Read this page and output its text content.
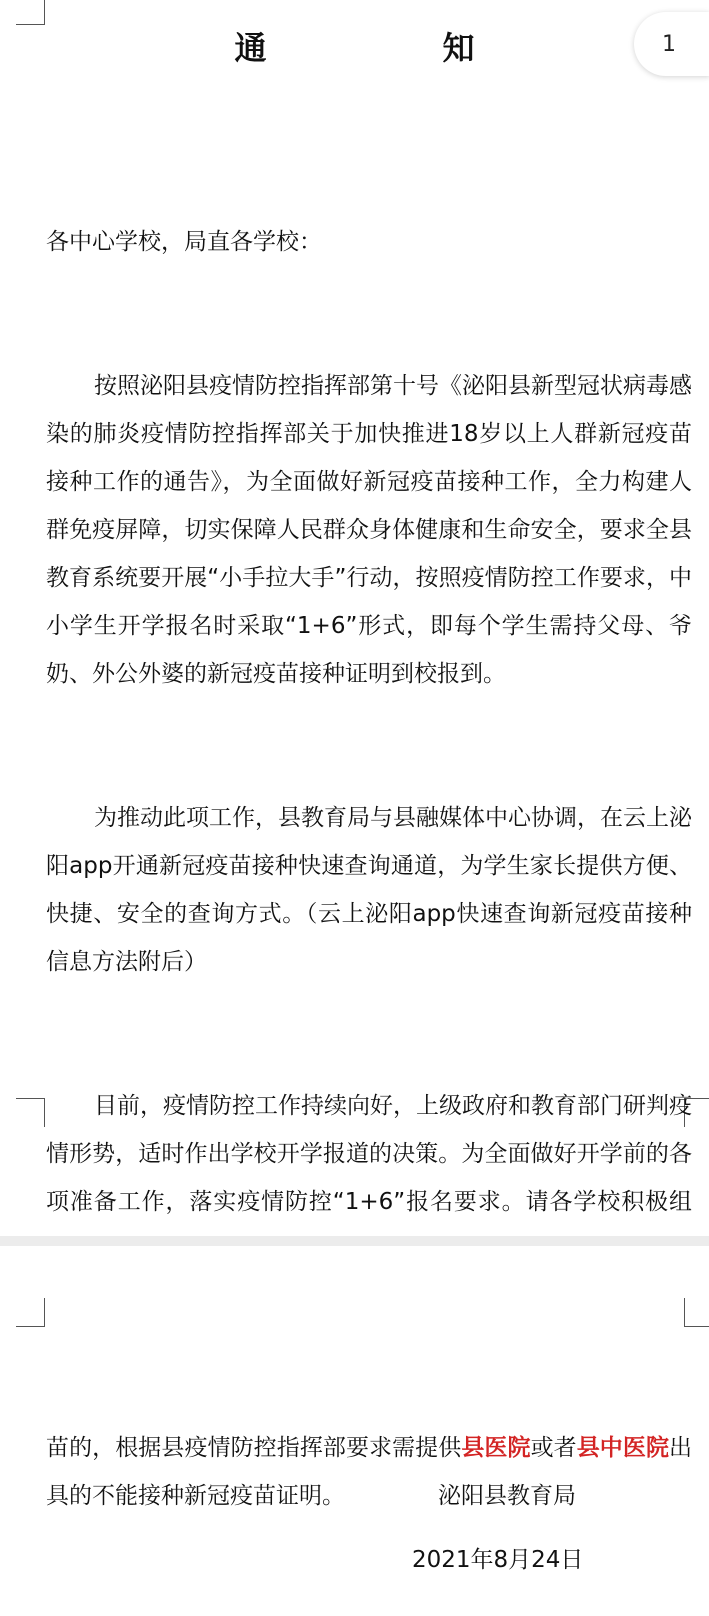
1
通　知

各中心学校，局直各学校：

按照泌阳县疫情防控指挥部第十号《泌阳县新型冠状病毒感染的肺炎疫情防控指挥部关于加快推进18岁以上人群新冠疫苗接种工作的通告》，为全面做好新冠疫苗接种工作，全力构建人群免疫屏障，切实保障人民群众身体健康和生命安全，要求全县教育系统要开展“小手拉大手”行动，按照疫情防控工作要求，中小学生开学报名时采取“1+6”形式，即每个学生需持父母、爷奶、外公外婆的新冠疫苗接种证明到校报到。

为推动此项工作，县教育局与县融媒体中心协调，在云上泌阳app开通新冠疫苗接种快速查询通道，为学生家长提供方便、快捷、安全的查询方式。（云上泌阳app快速查询新冠疫苗接种信息方法附后）

目前，疫情防控工作持续向好，上级政府和教育部门研判疫情形势，适时作出学校开学报道的决策。为全面做好开学前的各项准备工作，落实疫情防控“1+6”报名要求。请各学校积极组

苗的，根据县疫情防控指挥部要求需提供县医院或者县中医院出具的不能接种新冠疫苗证明。

	泌阳县教育局
2021年8月24日
